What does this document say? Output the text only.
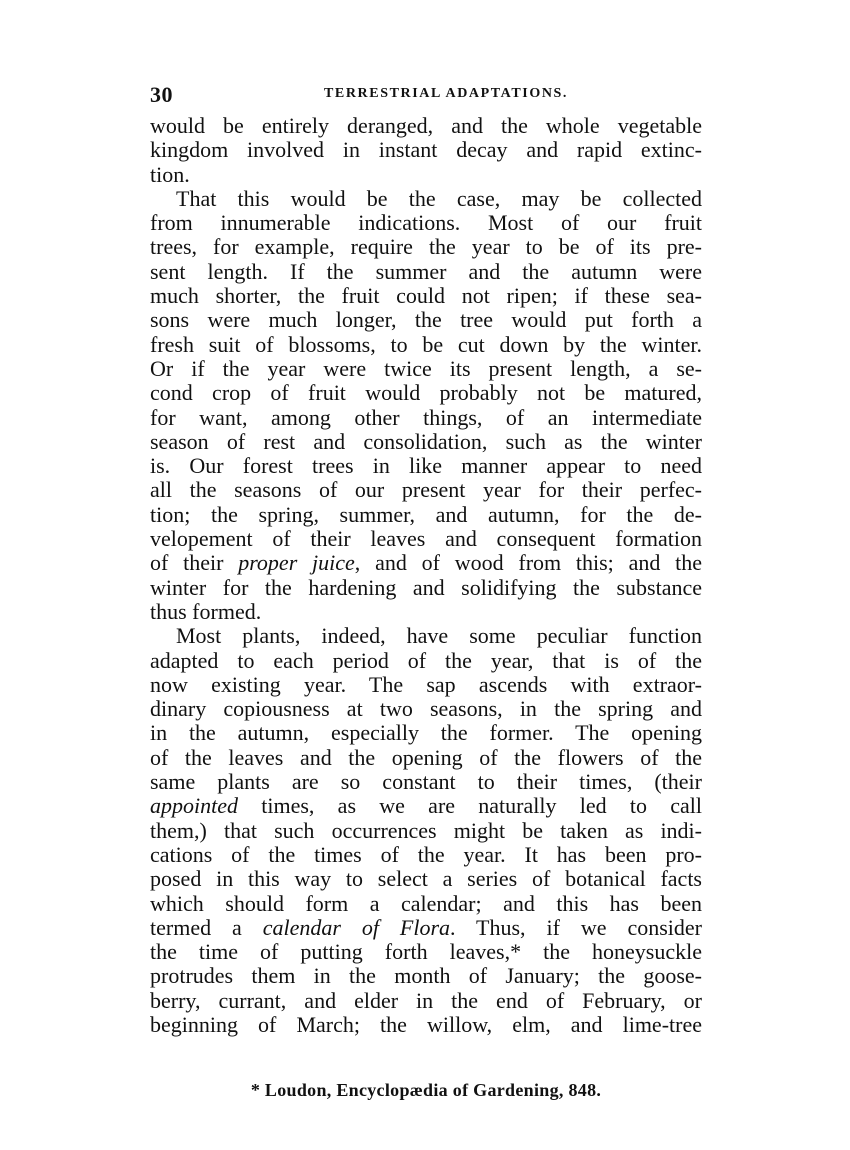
30	TERRESTRIAL ADAPTATIONS.
would be entirely deranged, and the whole vegetable
kingdom involved in instant decay and rapid extinc-
tion.
That this would be the case, may be collected
from innumerable indications. Most of our fruit
trees, for example, require the year to be of its pre-
sent length. If the summer and the autumn were
much shorter, the fruit could not ripen; if these sea-
sons were much longer, the tree would put forth a
fresh suit of blossoms, to be cut down by the winter.
Or if the year were twice its present length, a se-
cond crop of fruit would probably not be matured,
for want, among other things, of an intermediate
season of rest and consolidation, such as the winter
is. Our forest trees in like manner appear to need
all the seasons of our present year for their perfec-
tion; the spring, summer, and autumn, for the de-
velopement of their leaves and consequent formation
of their proper juice, and of wood from this; and the
winter for the hardening and solidifying the substance
thus formed.
Most plants, indeed, have some peculiar function
adapted to each period of the year, that is of the
now existing year. The sap ascends with extraor-
dinary copiousness at two seasons, in the spring and
in the autumn, especially the former. The opening
of the leaves and the opening of the flowers of the
same plants are so constant to their times, (their
appointed times, as we are naturally led to call
them,) that such occurrences might be taken as indi-
cations of the times of the year. It has been pro-
posed in this way to select a series of botanical facts
which should form a calendar; and this has been
termed a calendar of Flora. Thus, if we consider
the time of putting forth leaves,* the honeysuckle
protrudes them in the month of January; the goose-
berry, currant, and elder in the end of February, or
beginning of March; the willow, elm, and lime-tree
* Loudon, Encyclopædia of Gardening, 848.
